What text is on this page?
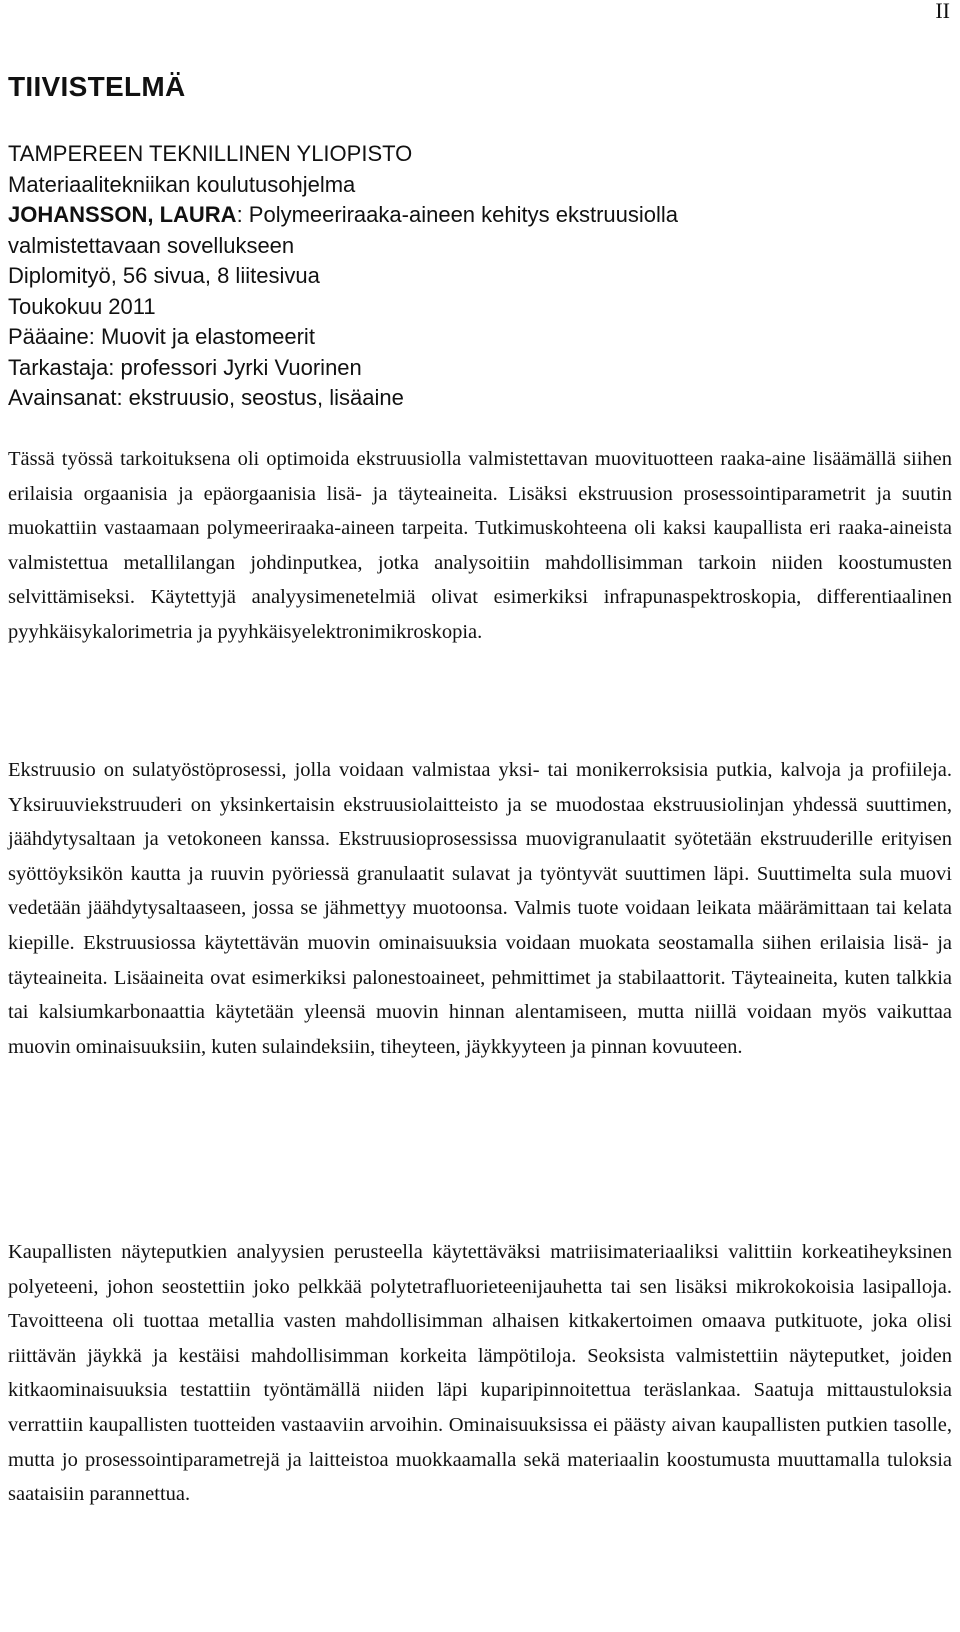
II
TIIVISTELMÄ
TAMPEREEN TEKNILLINEN YLIOPISTO
Materiaalitekniikan koulutusohjelma
JOHANSSON, LAURA: Polymeeriraaka-aineen kehitys ekstruusiolla
valmistettavaan sovellukseen
Diplomityö, 56 sivua, 8 liitesivua
Toukokuu 2011
Pääaine: Muovit ja elastomeerit
Tarkastaja: professori Jyrki Vuorinen
Avainsanat: ekstruusio, seostus, lisäaine

Tässä työssä tarkoituksena oli optimoida ekstruusiolla valmistettavan muovituotteen raaka-aine lisäämällä siihen erilaisia orgaanisia ja epäorgaanisia lisä- ja täyteaineita. Lisäksi ekstruusion prosessointiparametrit ja suutin muokattiin vastaamaan polymeeriraaka-aineen tarpeita. Tutkimuskohteena oli kaksi kaupallista eri raaka-aineista valmistettua metallilangan johdinputkea, jotka analysoitiin mahdollisimman tarkoin niiden koostumusten selvittämiseksi. Käytettyjä analyysimenetelmiä olivat esimerkiksi infrapunaspektroskopia, differentiaalinen pyyhkäisykalorimetria ja pyyhkäisyelektronimikroskopia.

Ekstruusio on sulatyöstöprosessi, jolla voidaan valmistaa yksi- tai monikerroksisia putkia, kalvoja ja profiileja. Yksiruuviekstruuderi on yksinkertaisin ekstruusiolaitteisto ja se muodostaa ekstruusiolinjan yhdessä suuttimen, jäähdytysaltaan ja vetokoneen kanssa. Ekstruusioprosessissa muovigranulaatit syötetään ekstruuderille erityisen syöttöyksikön kautta ja ruuvin pyöriessä granulaatit sulavat ja työntyvät suuttimen läpi. Suuttimelta sula muovi vedetään jäähdytysaltaaseen, jossa se jähmettyy muotoonsa. Valmis tuote voidaan leikata määrämittaan tai kelata kiepille. Ekstruusiossa käytettävän muovin ominaisuuksia voidaan muokata seostamalla siihen erilaisia lisä- ja täyteaineita. Lisäaineita ovat esimerkiksi palonestoaineet, pehmittimet ja stabilaattorit. Täyteaineita, kuten talkkia tai kalsiumkarbonaattia käytetään yleensä muovin hinnan alentamiseen, mutta niillä voidaan myös vaikuttaa muovin ominaisuuksiin, kuten sulaindeksiin, tiheyteen, jäykkyyteen ja pinnan kovuuteen.

Kaupallisten näyteputkien analyysien perusteella käytettäväksi matriisimateriaaliksi valittiin korkeatiheyksinen polyeteeni, johon seostettiin joko pelkkää polytetrafluorieteenijauhetta tai sen lisäksi mikrokokoisia lasipalloja. Tavoitteena oli tuottaa metallia vasten mahdollisimman alhaisen kitkakertoimen omaava putkituote, joka olisi riittävän jäykkä ja kestäisi mahdollisimman korkeita lämpötiloja. Seoksista valmistettiin näyteputket, joiden kitkaominaisuuksia testattiin työntämällä niiden läpi kuparipinnoitettua teräslankaa. Saatuja mittaustuloksia verrattiin kaupallisten tuotteiden vastaaviin arvoihin. Ominaisuuksissa ei päästy aivan kaupallisten putkien tasolle, mutta jo prosessointiparametrejä ja laitteistoa muokkaamalla sekä materiaalin koostumusta muuttamalla tuloksia saataisiin parannettua.
